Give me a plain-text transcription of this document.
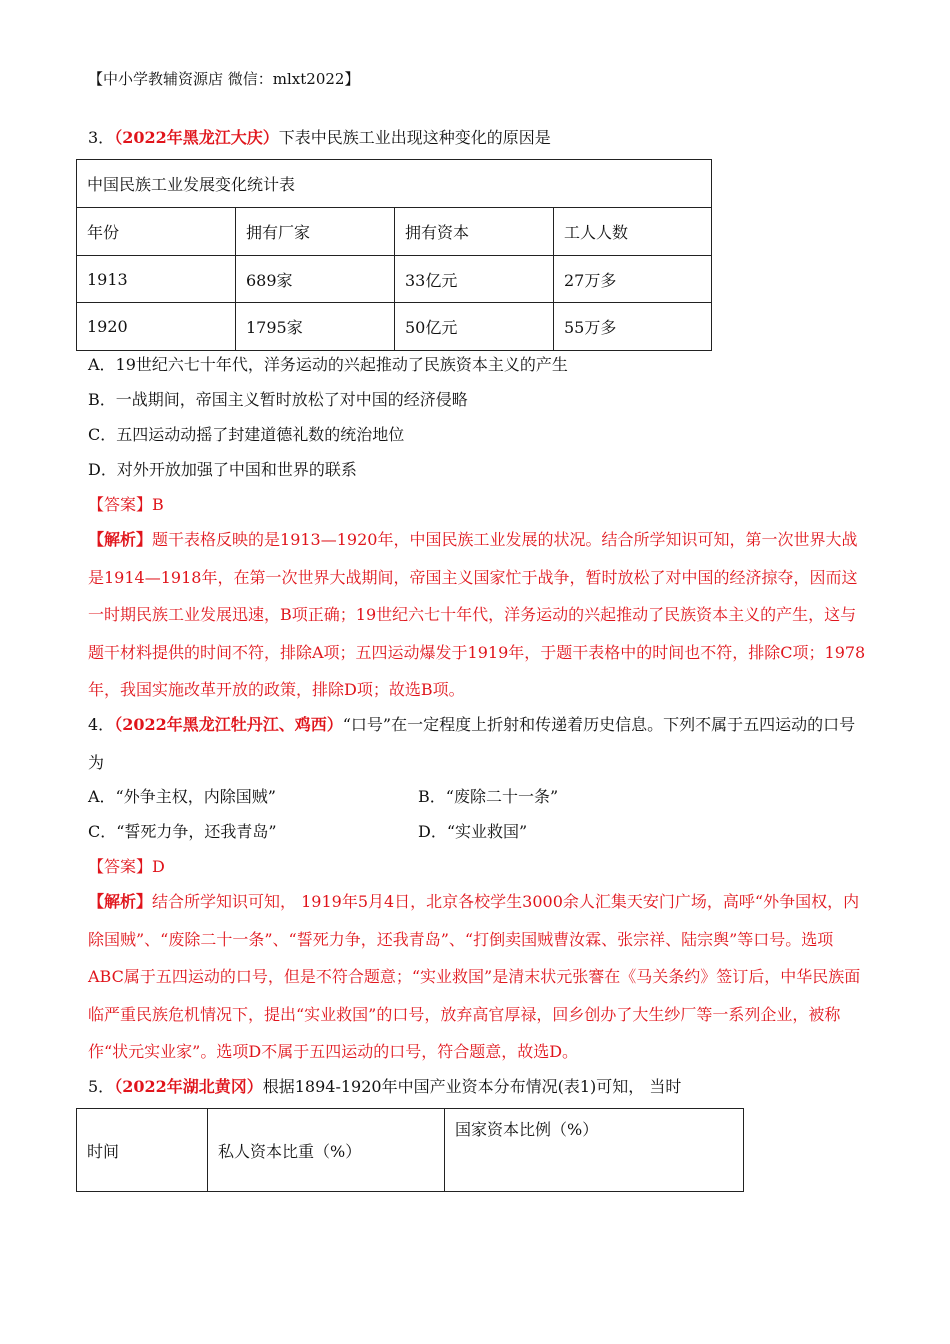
【中小学教辅资源店 微信：mlxt2022】
3．（2022年黑龙江大庆）下表中民族工业出现这种变化的原因是
中国民族工业发展变化统计表			
年份	拥有厂家	拥有资本	工人人数
1913	689家	33亿元	27万多
1920	1795家	50亿元	55万多
A．19世纪六七十年代，洋务运动的兴起推动了民族资本主义的产生
B．一战期间，帝国主义暂时放松了对中国的经济侵略
C．五四运动动摇了封建道德礼数的统治地位
D．对外开放加强了中国和世界的联系
【答案】B
【解析】题干表格反映的是1913—1920年，中国民族工业发展的状况。结合所学知识可知，第一次世界大战是1914—1918年，在第一次世界大战期间，帝国主义国家忙于战争，暂时放松了对中国的经济掠夺，因而这一时期民族工业发展迅速，B项正确；19世纪六七十年代，洋务运动的兴起推动了民族资本主义的产生，这与题干材料提供的时间不符，排除A项；五四运动爆发于1919年，于题干表格中的时间也不符，排除C项；1978年，我国实施改革开放的政策，排除D项；故选B项。
4．（2022年黑龙江牡丹江、鸡西）“口号”在一定程度上折射和传递着历史信息。下列不属于五四运动的口号为
A．“外争主权，内除国贼”	B．“废除二十一条”
C．“誓死力争，还我青岛”	D．“实业救国”
【答案】D
【解析】结合所学知识可知， 1919年5月4日，北京各校学生3000余人汇集天安门广场，高呼“外争国权，内除国贼”、“废除二十一条”、“誓死力争，还我青岛”、“打倒卖国贼曹汝霖、张宗祥、陆宗舆”等口号。选项ABC属于五四运动的口号，但是不符合题意；“实业救国”是清末状元张謇在《马关条约》签订后，中华民族面临严重民族危机情况下，提出“实业救国”的口号，放弃高官厚禄，回乡创办了大生纱厂等一系列企业，被称作“状元实业家”。选项D不属于五四运动的口号，符合题意，故选D。
5．（2022年湖北黄冈）根据1894-1920年中国产业资本分布情况(表1)可知， 当时
时间	私人资本比重（%）	国家资本比例（%）
